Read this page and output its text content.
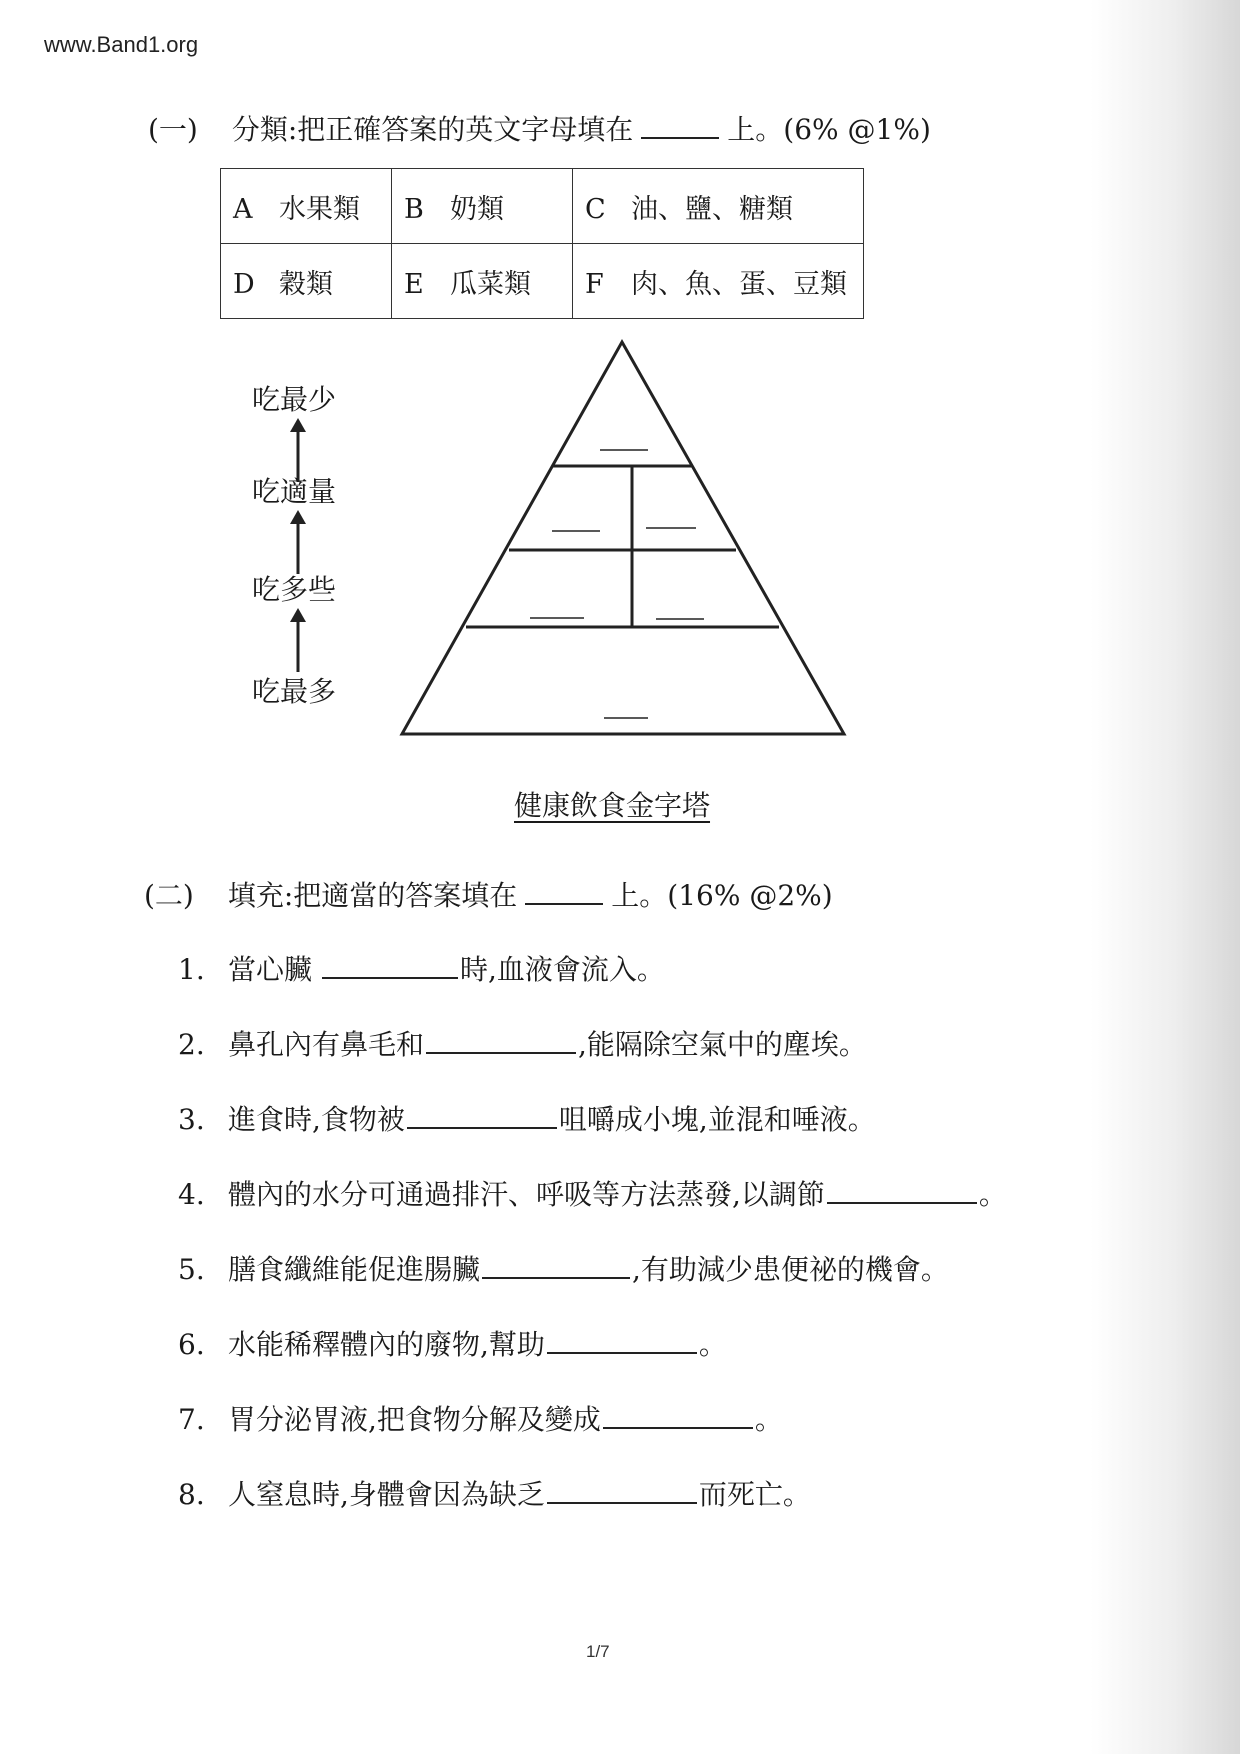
www.Band1.org
(一) 分類:把正確答案的英文字母填在	上。(6% @1%)
A 水果類	B 奶類	C 油、鹽、糖類
D 穀類	E 瓜菜類	F 肉、魚、蛋、豆類
吃最少
吃適量
吃多些
吃最多
健康飲食金字塔
(二) 填充:把適當的答案填在	上。(16% @2%)
1. 當心臟	時,血液會流入。
2. 鼻孔內有鼻毛和	,能隔除空氣中的塵埃。
3. 進食時,食物被	咀嚼成小塊,並混和唾液。
4. 體內的水分可通過排汗、呼吸等方法蒸發,以調節	。
5. 膳食纖維能促進腸臟	,有助減少患便祕的機會。
6. 水能稀釋體內的廢物,幫助	。
7. 胃分泌胃液,把食物分解及變成	。
8. 人窒息時,身體會因為缺乏	而死亡。
1/7
